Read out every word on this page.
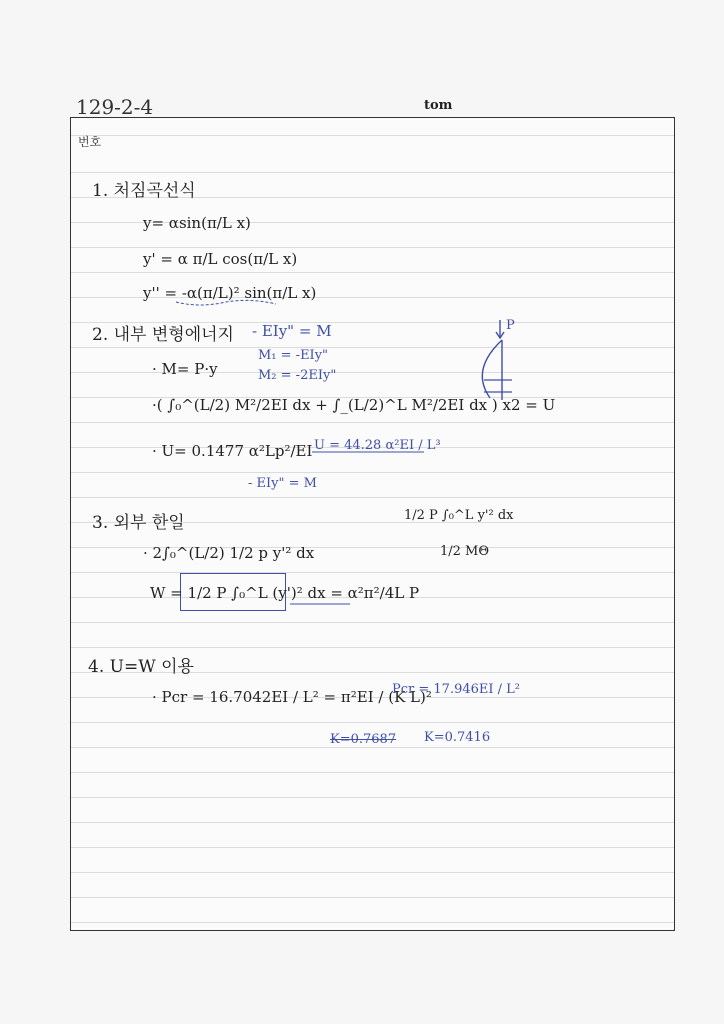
번호
129-2-4	tom
1. 처짐곡선식
y= αsin(π/L x)
y' = α π/L cos(π/L x)
y'' = -α(π/L)² sin(π/L x)
2. 내부 변형에너지 - EIy" = M
M₁ = -EIy"
M₂ = -2EIy"
· M= P·y
·( ∫₀^(L/2) M²/2EI dx + ∫_(L/2)^L M²/2EI dx ) x2 = U
· U= 0.1477 α²Lp²/EI U = 44.28 α²EI / L³
- EIy" = M
P
3. 외부 한일	1/2 P ∫₀^L y'² dx
1/2 MΘ
· 2∫₀^(L/2) 1/2 p y'² dx
W = 1/2 P ∫₀^L (y')² dx = α²π²/4L P
4. U=W 이용
· Pcr = 16.7042EI / L² = π²EI / (K L)²
Pcr = 17.946EI / L²
K=0.7687 K=0.7416
